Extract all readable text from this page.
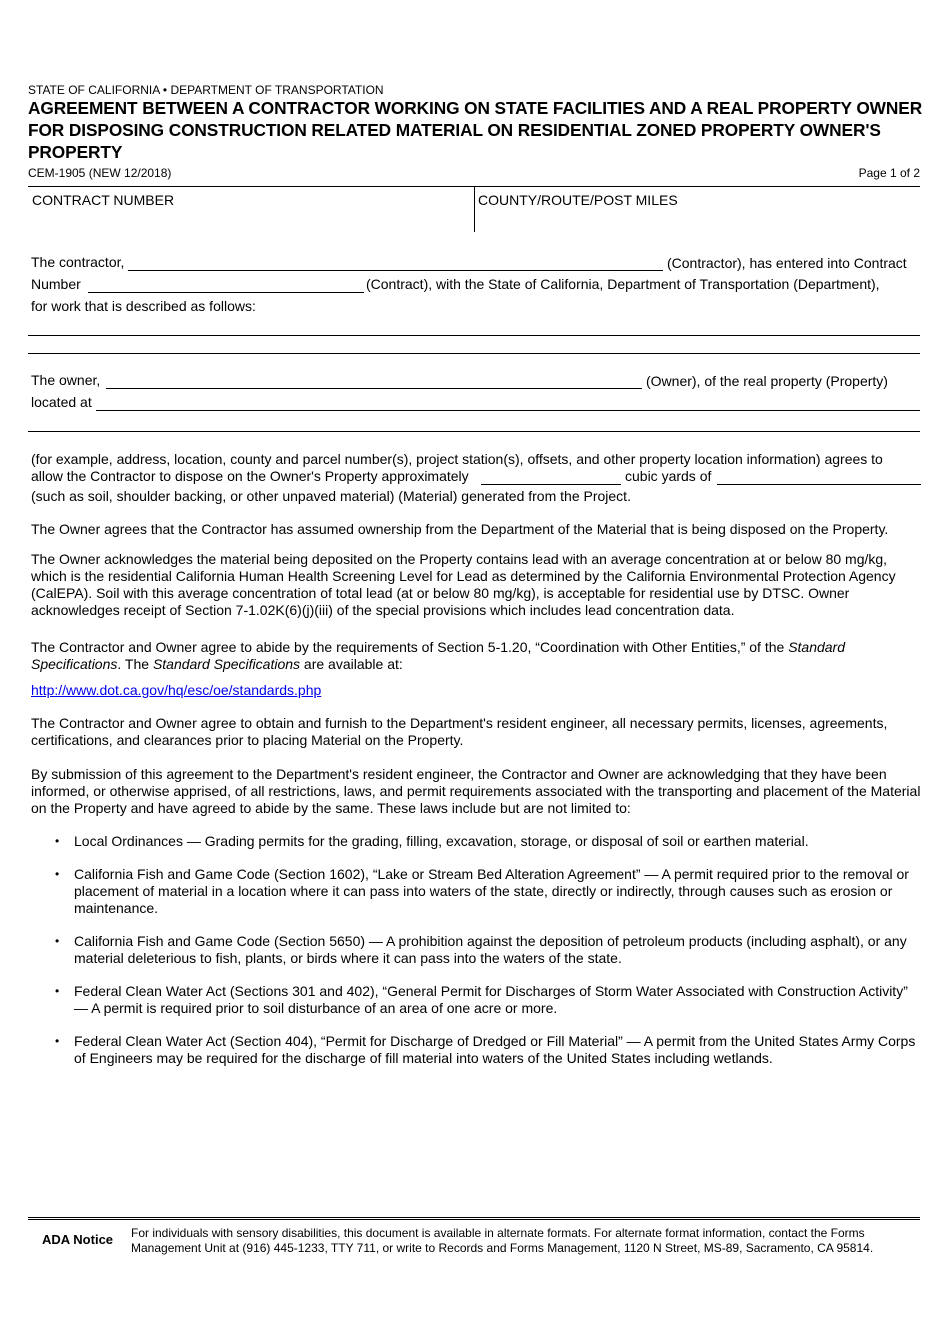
STATE OF CALIFORNIA • DEPARTMENT OF TRANSPORTATION
AGREEMENT BETWEEN A CONTRACTOR WORKING ON STATE FACILITIES AND A REAL PROPERTY OWNER FOR DISPOSING CONSTRUCTION RELATED MATERIAL ON RESIDENTIAL ZONED PROPERTY OWNER'S PROPERTY
CEM-1905 (NEW 12/2018)	Page 1 of 2
CONTRACT NUMBER	COUNTY/ROUTE/POST MILES
The contractor,	(Contractor), has entered into Contract
Number	(Contract), with the State of California, Department of Transportation (Department),
for work that is described as follows:
The owner,	(Owner), of the real property (Property)
located at
(for example, address, location, county and parcel number(s), project station(s), offsets, and other property location information) agrees to
allow the Contractor to dispose on the Owner's Property approximately	cubic yards of
(such as soil, shoulder backing, or other unpaved material) (Material) generated from the Project.
The Owner agrees that the Contractor has assumed ownership from the Department of the Material that is being disposed on the Property.
The Owner acknowledges the material being deposited on the Property contains lead with an average concentration at or below 80 mg/kg, which is the residential California Human Health Screening Level for Lead as determined by the California Environmental Protection Agency (CalEPA). Soil with this average concentration of total lead (at or below 80 mg/kg), is acceptable for residential use by DTSC. Owner acknowledges receipt of Section 7-1.02K(6)(j)(iii) of the special provisions which includes lead concentration data.
The Contractor and Owner agree to abide by the requirements of Section 5-1.20, “Coordination with Other Entities,” of the Standard Specifications. The Standard Specifications are available at:
http://www.dot.ca.gov/hq/esc/oe/standards.php
The Contractor and Owner agree to obtain and furnish to the Department's resident engineer, all necessary permits, licenses, agreements, certifications, and clearances prior to placing Material on the Property.
By submission of this agreement to the Department's resident engineer, the Contractor and Owner are acknowledging that they have been informed, or otherwise apprised, of all restrictions, laws, and permit requirements associated with the transporting and placement of the Material on the Property and have agreed to abide by the same. These laws include but are not limited to:
• Local Ordinances — Grading permits for the grading, filling, excavation, storage, or disposal of soil or earthen material.
• California Fish and Game Code (Section 1602), “Lake or Stream Bed Alteration Agreement” — A permit required prior to the removal or placement of material in a location where it can pass into waters of the state, directly or indirectly, through causes such as erosion or maintenance.
• California Fish and Game Code (Section 5650) — A prohibition against the deposition of petroleum products (including asphalt), or any material deleterious to fish, plants, or birds where it can pass into the waters of the state.
• Federal Clean Water Act (Sections 301 and 402), “General Permit for Discharges of Storm Water Associated with Construction Activity” — A permit is required prior to soil disturbance of an area of one acre or more.
• Federal Clean Water Act (Section 404), “Permit for Discharge of Dredged or Fill Material” — A permit from the United States Army Corps of Engineers may be required for the discharge of fill material into waters of the United States including wetlands.
ADA Notice For individuals with sensory disabilities, this document is available in alternate formats. For alternate format information, contact the Forms Management Unit at (916) 445-1233, TTY 711, or write to Records and Forms Management, 1120 N Street, MS-89, Sacramento, CA 95814.
